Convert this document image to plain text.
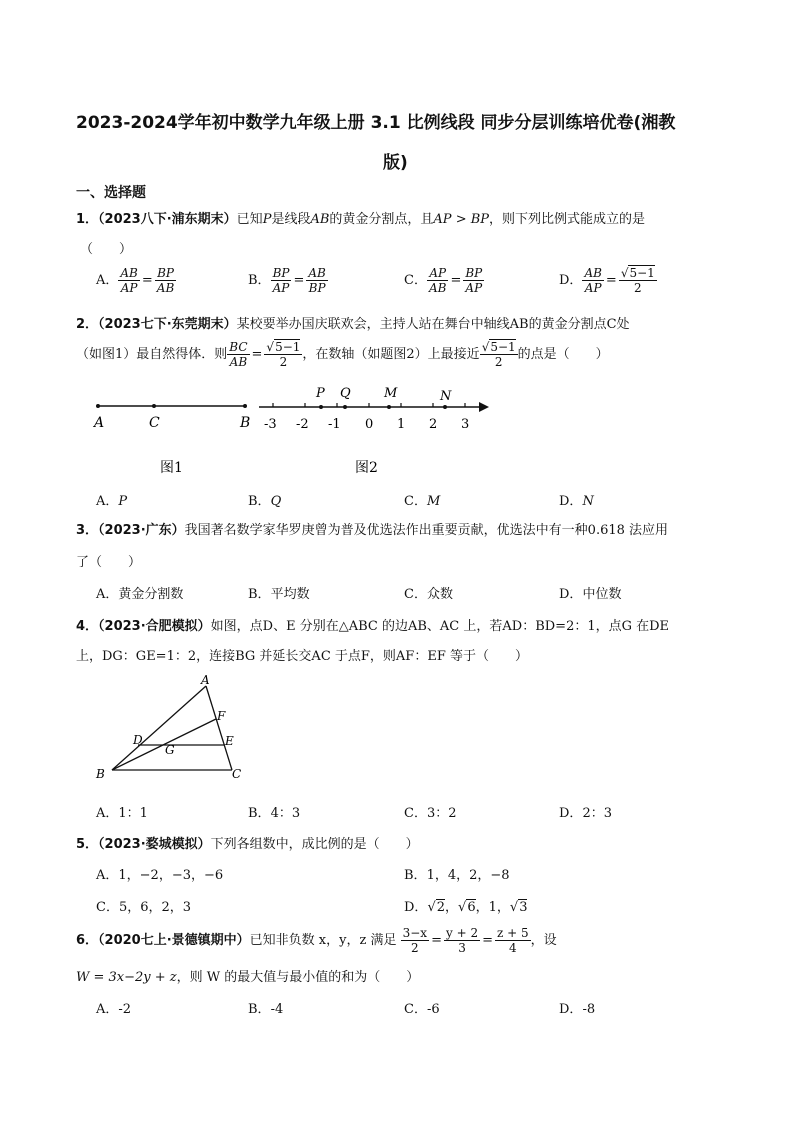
2023-2024学年初中数学九年级上册 3.1 比例线段 同步分层训练培优卷(湘教
版)
一、选择题
1．（2023八下·浦东期末）已知P是线段AB的黄金分割点，且AP > BP，则下列比例式能成立的是
（　　）
A． $\frac{AB}{AP} = \frac{BP}{AB}$	B． $\frac{BP}{AP} = \frac{AB}{BP}$	C． $\frac{AP}{AB} = \frac{BP}{AP}$	D． $\frac{AB}{AP} = \frac{√5-1}{2}$
2．（2023七下·东莞期末）某校要举办国庆联欢会，主持人站在舞台中轴线AB的黄金分割点C处
（如图1）最自然得体．则 $\frac{BC}{AB} = \frac{√5-1}{2}$ ，在数轴（如题图2）上最接近 $\frac{√5-1}{2}$ 的点是（　　）
A	C	B
图1
P Q	M	N
-3 -2 -1 0 1 2 3
图2
A．P	B．Q	C．M	D．N
3．（2023·广东）我国著名数学家华罗庚曾为普及优选法作出重要贡献，优选法中有一种0.618 法应用
了（　　）
A．黄金分割数	B．平均数	C．众数	D．中位数
4．（2023·合肥模拟）如图，点D、E 分别在△ABC 的边AB、AC 上，若AD：BD=2：1，点G 在DE
上，DG：GE=1：2，连接BG 并延长交AC 于点F，则AF：EF 等于（　　）
A
B	C
D	E
F
G
A．1：1	B．4：3	C．3：2	D．2：3
5．（2023·婺城模拟）下列各组数中，成比例的是（　　）
A．1，−2，−3，−6	B．1，4，2，−8
C．5，6，2，3	D．√2，√6，1，√3
6．（2020七上·景德镇期中）已知非负数 x，y，z 满足 $\frac{3-x}{2} = \frac{y + 2}{3} = \frac{z + 5}{4}$ ，设
W = 3x−2y + z，则 W 的最大值与最小值的和为（　　）
A．-2	B．-4	C．-6	D．-8
